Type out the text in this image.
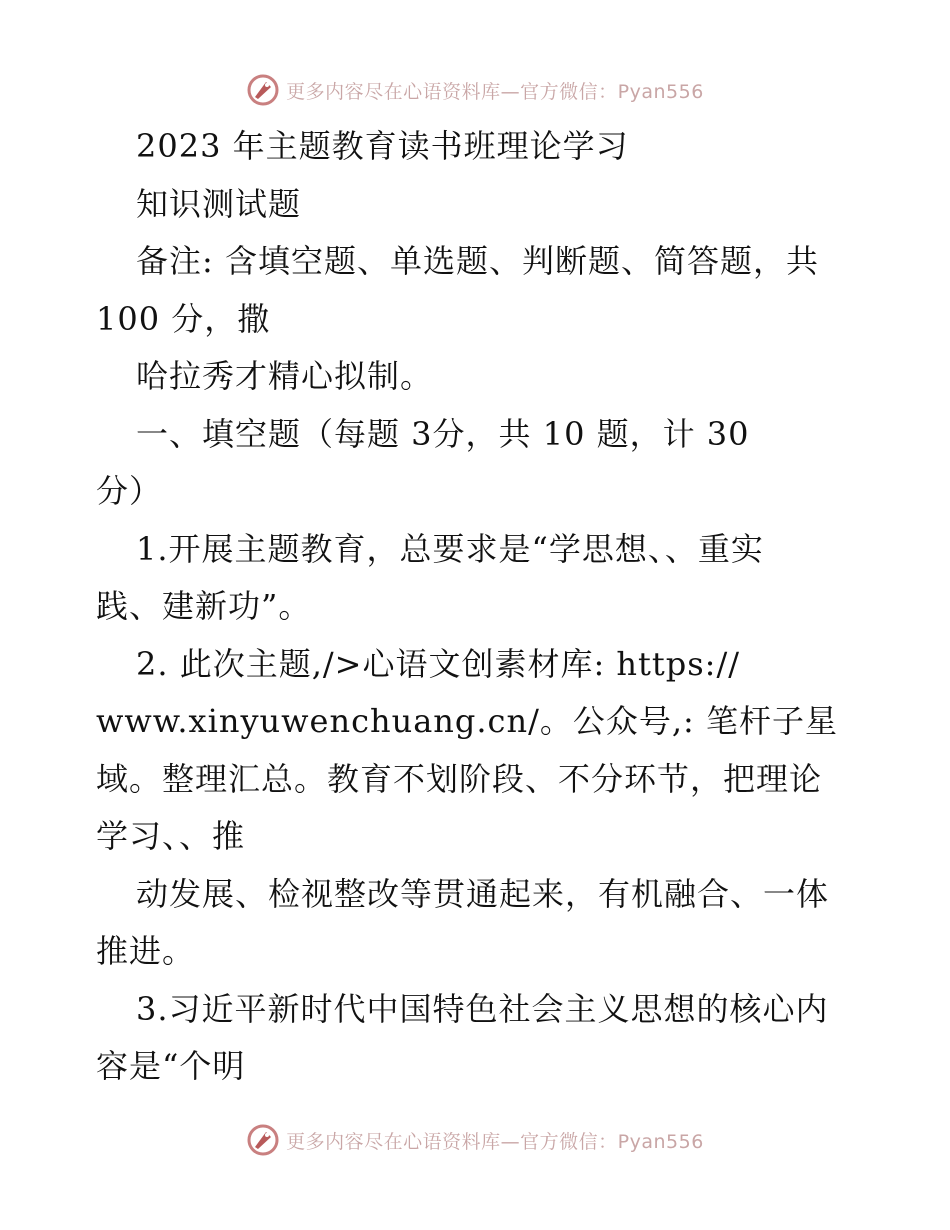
更多内容尽在心语资料库—官方微信：Pyan556
2023 年主题教育读书班理论学习
知识测试题
备注: 含填空题、单选题、判断题、简答题，共
100 分，撒
哈拉秀才精心拟制。
一、填空题（每题 3分，共 10 题，计 30
分）
1.开展主题教育，总要求是“学思想、、重实
践、建新功”。
2. 此次主题,/>心语文创素材库: https://
www.xinyuwenchuang.cn/。公众号,: 笔杆子星
域。整理汇总。教育不划阶段、不分环节，把理论
学习、、推
动发展、检视整改等贯通起来，有机融合、一体
推进。
3.习近平新时代中国特色社会主义思想的核心内
容是“个明
更多内容尽在心语资料库—官方微信：Pyan556
